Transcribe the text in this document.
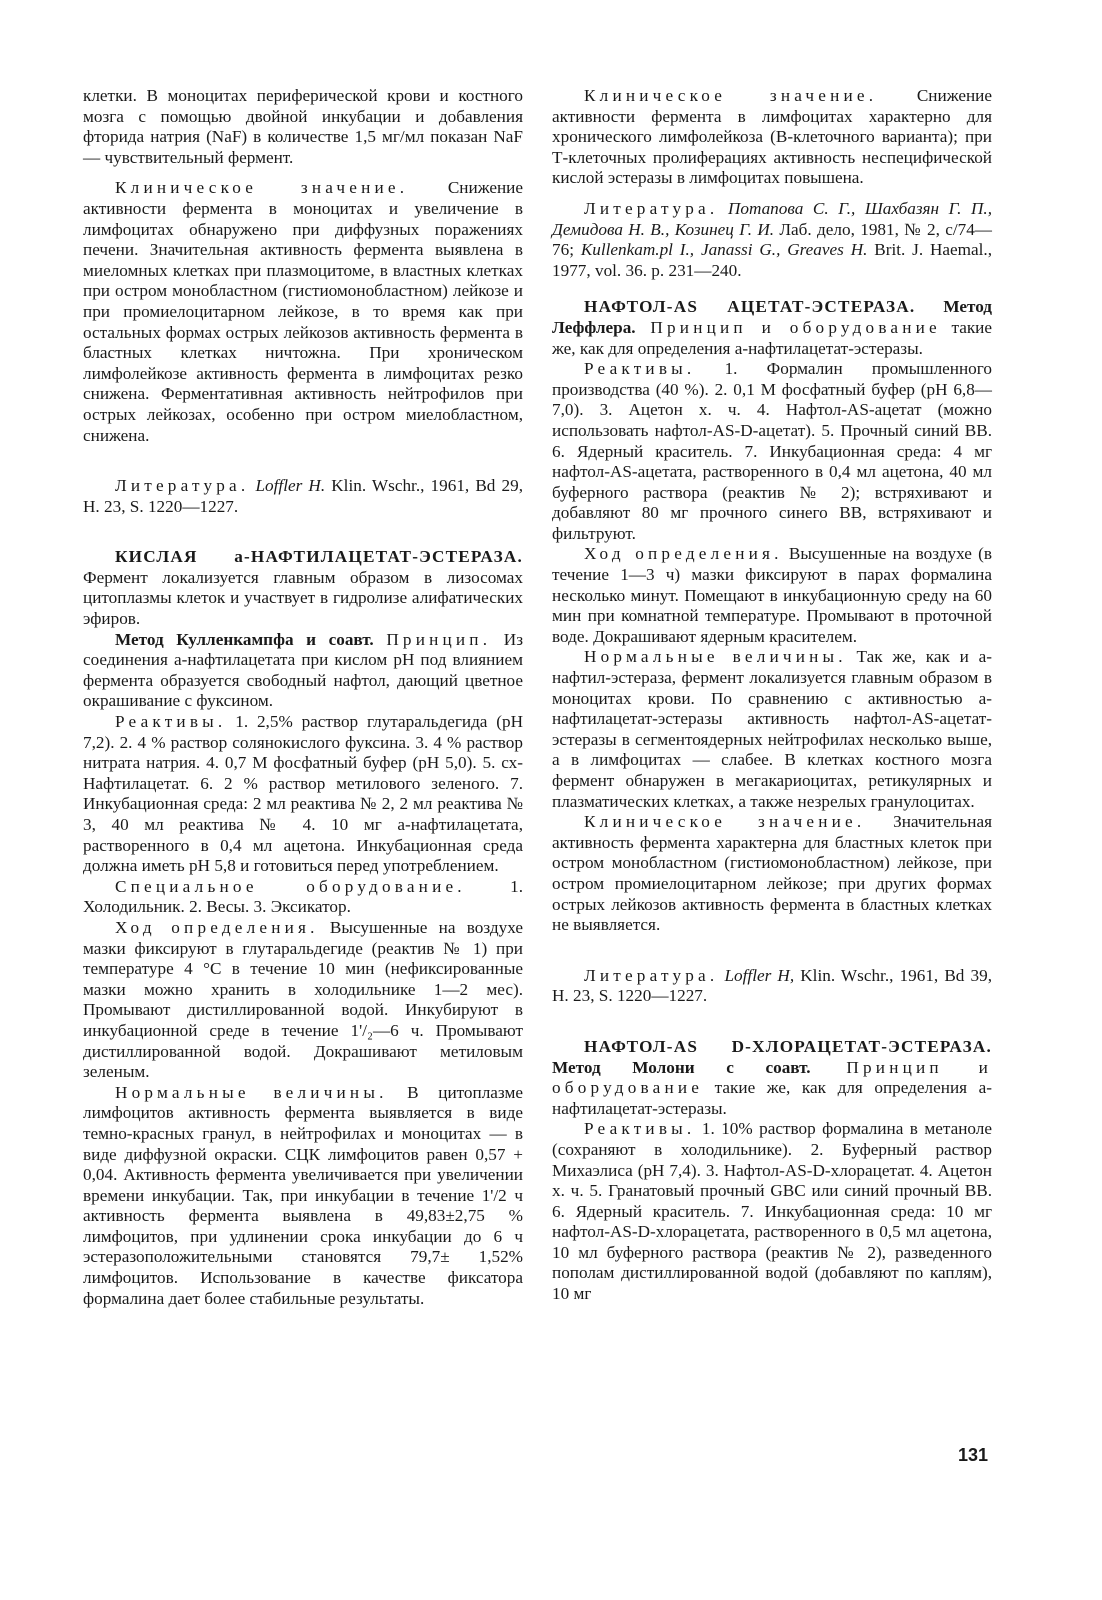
клетки. В моноцитах периферической крови и костного мозга с помощью двойной инкубации и добавления фторида натрия (NaF) в количестве 1,5 мг/мл показан NaF — чувствительный фермент.

Клиническое значение. Снижение активности фермента в моноцитах и увеличение в лимфоцитах обнаружено при диффузных поражениях печени. Значительная активность фермента выявлена в миеломных клетках при плазмоцитоме, в властных клетках при остром монобластном (гистиомонобластном) лейкозе и при промиелоцитарном лейкозе, в то время как при остальных формах острых лейкозов активность фермента в бластных клетках ничтожна. При хроническом лимфолейкозе активность фермента в лимфоцитах резко снижена. Ферментативная активность нейтрофилов при острых лейкозах, особенно при остром миелобластном, снижена.

Литература. Loffler H. Klin. Wschr., 1961, Bd 29, H. 23, S. 1220—1227.

КИСЛАЯ а-НАФТИЛАЦЕТАТ-ЭСТЕРАЗА. Фермент локализуется главным образом в лизосомах цитоплазмы клеток и участвует в гидролизе алифатических эфиров.

Метод Кулленкампфа и соавт. Принцип. Из соединения а-нафтилацетата при кислом pH под влиянием фермента образуется свободный нафтол, дающий цветное окрашивание с фуксином.

Реактивы. 1. 2,5% раствор глутаральдегида (pH 7,2). 2. 4 % раствор солянокислого фуксина. 3. 4 % раствор нитрата натрия. 4. 0,7 М фосфатный буфер (pH 5,0). 5. сх-Нафтилацетат. 6. 2 % раствор метилового зеленого. 7. Инкубационная среда: 2 мл реактива № 2, 2 мл реактива № 3, 40 мл реактива № 4. 10 мг а-нафтилацетата, растворенного в 0,4 мл ацетона. Инкубационная среда должна иметь pH 5,8 и готовиться перед употреблением.

Специальное оборудование. 1. Холодильник. 2. Весы. 3. Эксикатор.

Ход определения. Высушенные на воздухе мазки фиксируют в глутаральдегиде (реактив № 1) при температуре 4 °С в течение 10 мин (нефиксированные мазки можно хранить в холодильнике 1—2 мес). Промывают дистиллированной водой. Инкубируют в инкубационной среде в течение 1'/₂—6 ч. Промывают дистиллированной водой. Докрашивают метиловым зеленым.

Нормальные величины. В цитоплазме лимфоцитов активность фермента выявляется в виде темно-красных гранул, в нейтрофилах и моноцитах — в виде диффузной окраски. СЦК лимфоцитов равен 0,57 + 0,04. Активность фермента увеличивается при увеличении времени инкубации. Так, при инкубации в течение 1'/2 ч активность фермента выявлена в 49,83±2,75 % лимфоцитов, при удлинении срока инкубации до 6 ч эстеразоположительными становятся 79,7± 1,52% лимфоцитов. Использование в качестве фиксатора формалина дает более стабильные результаты.

Клиническое значение. Снижение активности фермента в лимфоцитах характерно для хронического лимфолейкоза (В-клеточного варианта); при Т-клеточных пролиферациях активность неспецифической кислой эстеразы в лимфоцитах повышена.

Литература. Потапова С. Г., Шахбазян Г. П., Демидова Н. В., Козинец Г. И. Лаб. дело, 1981, № 2, с/74—76; Kullenkam.pl I., Janassi G., Greaves H. Brit. J. Haemal., 1977, vol. 36. p. 231—240.

НАФТОЛ-AS АЦЕТАТ-ЭСТЕРАЗА. Метод Леффлера. Принцип и оборудование такие же, как для определения а-нафтилацетат-эстеразы.

Реактивы. 1. Формалин промышленного производства (40 %). 2. 0,1 М фосфатный буфер (pH 6,8—7,0). 3. Ацетон х. ч. 4. Нафтол-AS-ацетат (можно использовать нафтол-AS-D-ацетат). 5. Прочный синий ВВ. 6. Ядерный краситель. 7. Инкубационная среда: 4 мг нафтол-AS-ацетата, растворенного в 0,4 мл ацетона, 40 мл буферного раствора (реактив № 2); встряхивают и добавляют 80 мг прочного синего ВВ, встряхивают и фильтруют.

Ход определения. Высушенные на воздухе (в течение 1—3 ч) мазки фиксируют в парах формалина несколько минут. Помещают в инкубационную среду на 60 мин при комнатной температуре. Промывают в проточной воде. Докрашивают ядерным красителем.

Нормальные величины. Так же, как и а-нафтил-эстераза, фермент локализуется главным образом в моноцитах крови. По сравнению с активностью а-нафтилацетат-эстеразы активность нафтол-AS-ацетат-эстеразы в сегментоядерных нейтрофилах несколько выше, а в лимфоцитах — слабее. В клетках костного мозга фермент обнаружен в мегакариоцитах, ретикулярных и плазматических клетках, а также незрелых гранулоцитах.

Клиническое значение. Значительная активность фермента характерна для бластных клеток при остром монобластном (гистиомонобластном) лейкозе, при остром промиелоцитарном лейкозе; при других формах острых лейкозов активность фермента в бластных клетках не выявляется.

Литература. Loffler H, Klin. Wschr., 1961, Bd 39, H. 23, S. 1220—1227.

НАФТОЛ-AS D-ХЛОРАЦЕТАТ-ЭСТЕРАЗА. Метод Молони с соавт. Принцип и оборудование такие же, как для определения а-нафтилацетат-эстеразы.

Реактивы. 1. 10% раствор формалина в метаноле (сохраняют в холодильнике). 2. Буферный раствор Михаэлиса (pH 7,4). 3. Нафтол-AS-D-хлорацетат. 4. Ацетон х. ч. 5. Гранатовый прочный GBC или синий прочный ВВ. 6. Ядерный краситель. 7. Инкубационная среда: 10 мг нафтол-AS-D-хлорацетата, растворенного в 0,5 мл ацетона, 10 мл буферного раствора (реактив № 2), разведенного пополам дистиллированной водой (добавляют по каплям), 10 мг

131
